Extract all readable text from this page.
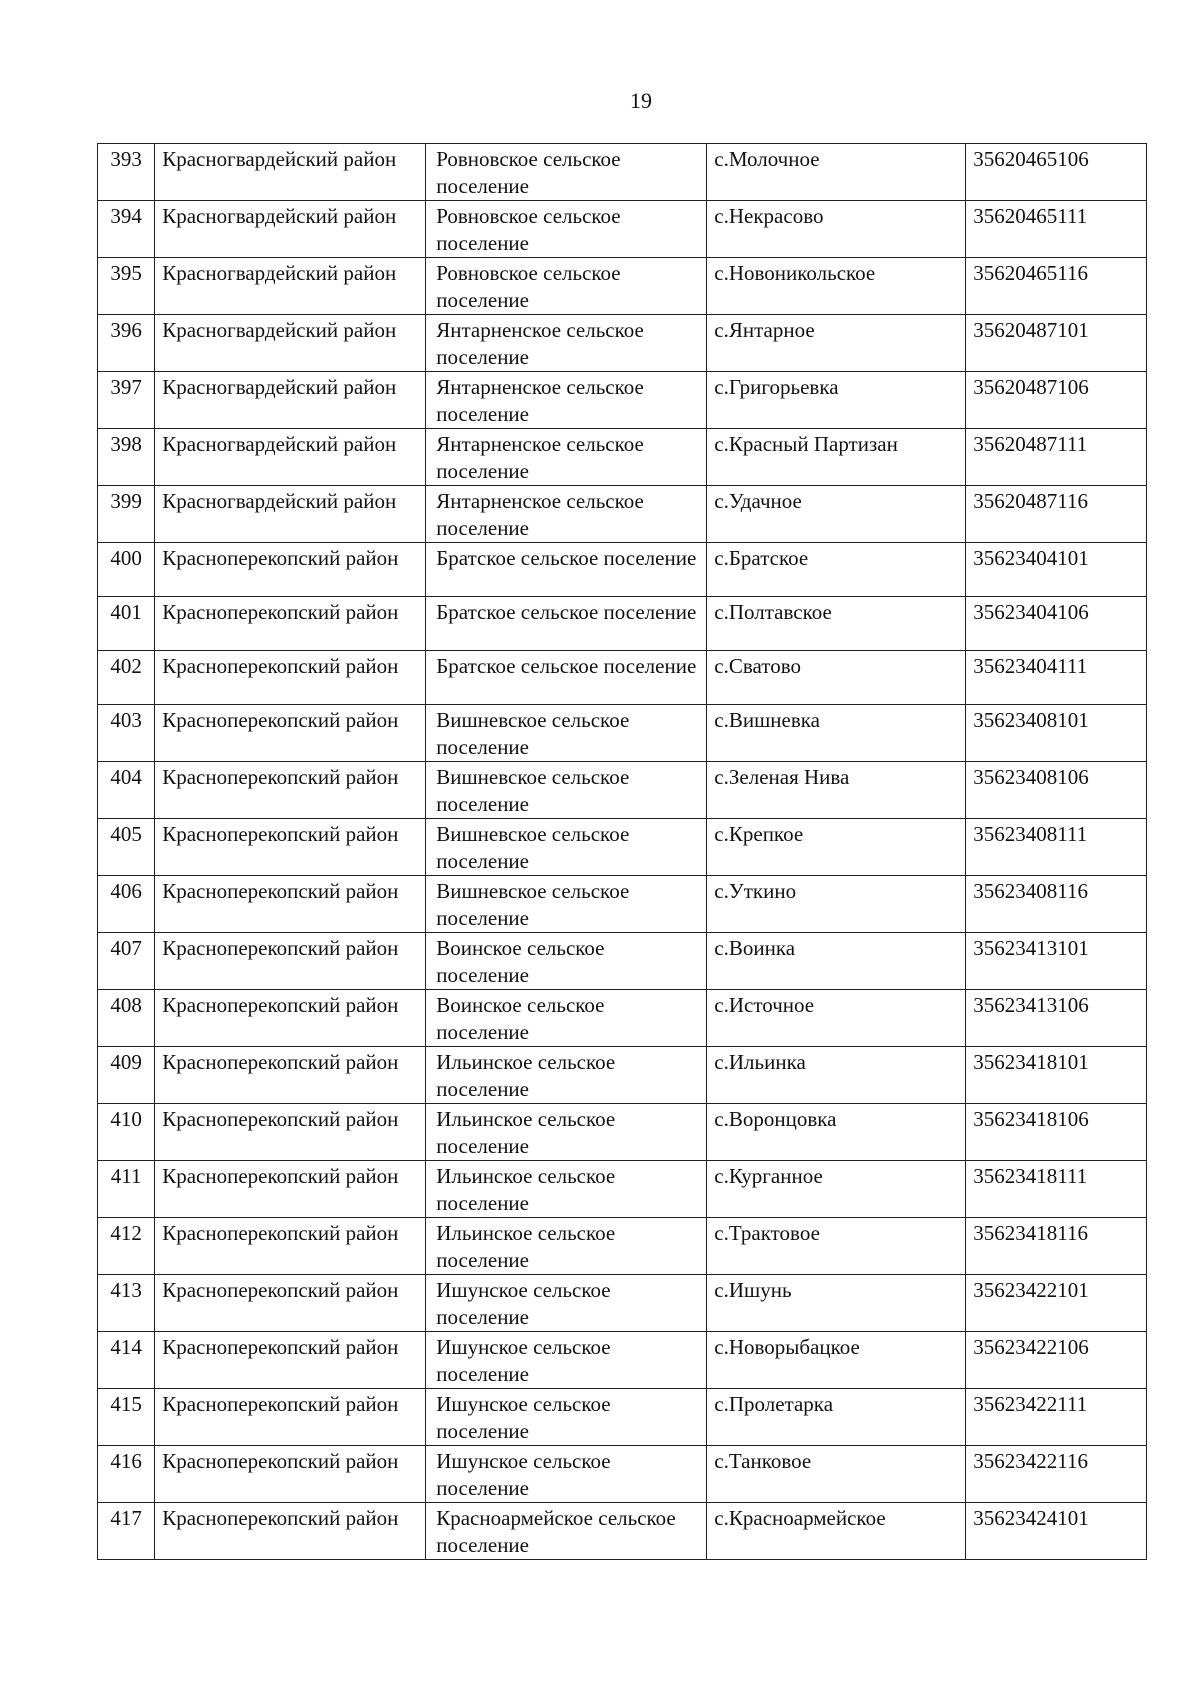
19
393	Красногвардейский район	Ровновское сельское поселение	с.Молочное	35620465106
394	Красногвардейский район	Ровновское сельское поселение	с.Некрасово	35620465111
395	Красногвардейский район	Ровновское сельское поселение	с.Новоникольское	35620465116
396	Красногвардейский район	Янтарненское сельское поселение	с.Янтарное	35620487101
397	Красногвардейский район	Янтарненское сельское поселение	с.Григорьевка	35620487106
398	Красногвардейский район	Янтарненское сельское поселение	с.Красный Партизан	35620487111
399	Красногвардейский район	Янтарненское сельское поселение	с.Удачное	35620487116
400	Красноперекопский район	Братское сельское поселение	с.Братское	35623404101
401	Красноперекопский район	Братское сельское поселение	с.Полтавское	35623404106
402	Красноперекопский район	Братское сельское поселение	с.Сватово	35623404111
403	Красноперекопский район	Вишневское сельское поселение	с.Вишневка	35623408101
404	Красноперекопский район	Вишневское сельское поселение	с.Зеленая Нива	35623408106
405	Красноперекопский район	Вишневское сельское поселение	с.Крепкое	35623408111
406	Красноперекопский район	Вишневское сельское поселение	с.Уткино	35623408116
407	Красноперекопский район	Воинское сельское поселение	с.Воинка	35623413101
408	Красноперекопский район	Воинское сельское поселение	с.Источное	35623413106
409	Красноперекопский район	Ильинское сельское поселение	с.Ильинка	35623418101
410	Красноперекопский район	Ильинское сельское поселение	с.Воронцовка	35623418106
411	Красноперекопский район	Ильинское сельское поселение	с.Курганное	35623418111
412	Красноперекопский район	Ильинское сельское поселение	с.Трактовое	35623418116
413	Красноперекопский район	Ишунское сельское поселение	с.Ишунь	35623422101
414	Красноперекопский район	Ишунское сельское поселение	с.Новорыбацкое	35623422106
415	Красноперекопский район	Ишунское сельское поселение	с.Пролетарка	35623422111
416	Красноперекопский район	Ишунское сельское поселение	с.Танковое	35623422116
417	Красноперекопский район	Красноармейское сельское поселение	с.Красноармейское	35623424101
